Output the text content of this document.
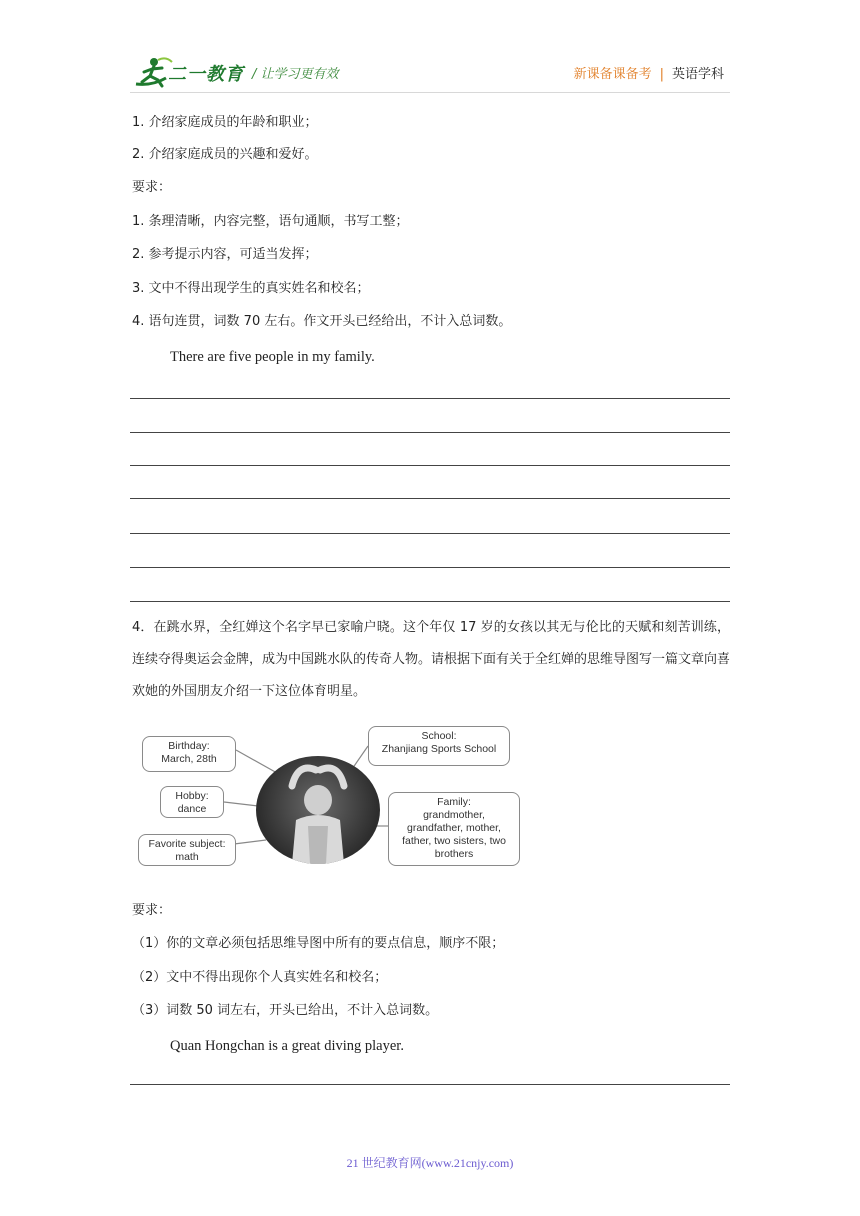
二一教育 / 让学习更有效	新课备课备考 | 英语学科
1. 介绍家庭成员的年龄和职业；
2. 介绍家庭成员的兴趣和爱好。
要求：
1. 条理清晰，内容完整，语句通顺，书写工整；
2. 参考提示内容，可适当发挥；
3. 文中不得出现学生的真实姓名和校名；
4. 语句连贯，词数 70 左右。作文开头已经给出，不计入总词数。
There are five people in my family.
4．在跳水界，全红婵这个名字早已家喻户晓。这个年仅 17 岁的女孩以其无与伦比的天赋和刻苦训练，连续夺得奥运会金牌，成为中国跳水队的传奇人物。请根据下面有关于全红婵的思维导图写一篇文章向喜欢她的外国朋友介绍一下这位体育明星。
Birthday:
March, 28th
Hobby:
dance
Favorite subject:
math
School:
Zhanjiang Sports School
Family:
grandmother,
grandfather, mother,
father, two sisters, two
brothers
要求：
（1）你的文章必须包括思维导图中所有的要点信息，顺序不限；
（2）文中不得出现你个人真实姓名和校名；
（3）词数 50 词左右，开头已给出，不计入总词数。
Quan Hongchan is a great diving player.
21 世纪教育网(www.21cnjy.com)
